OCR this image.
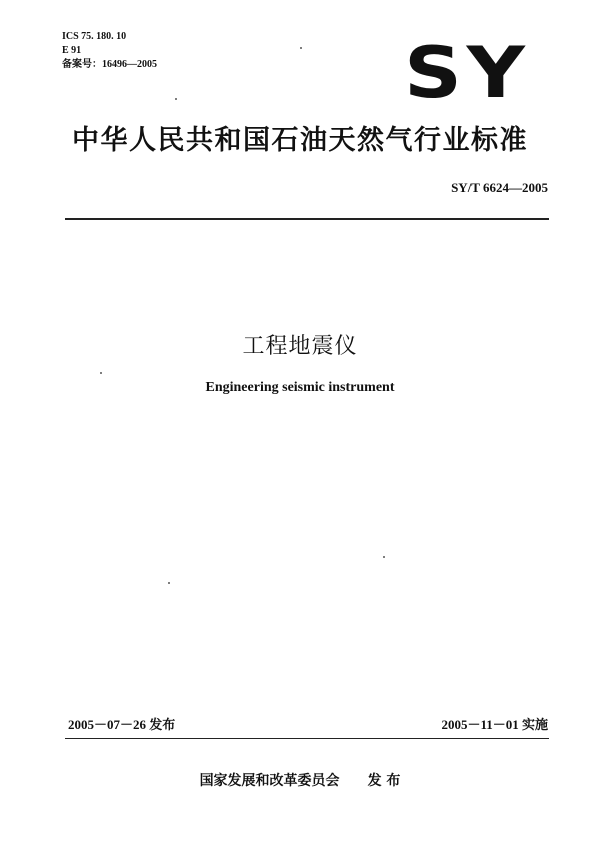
ICS 75. 180. 10
E 91
备案号：16496—2005	SY
中华人民共和国石油天然气行业标准
SY/T 6624—2005
工程地震仪
Engineering seismic instrument
2005－07－26 发布	2005－11－01 实施
国家发展和改革委员会 发 布
